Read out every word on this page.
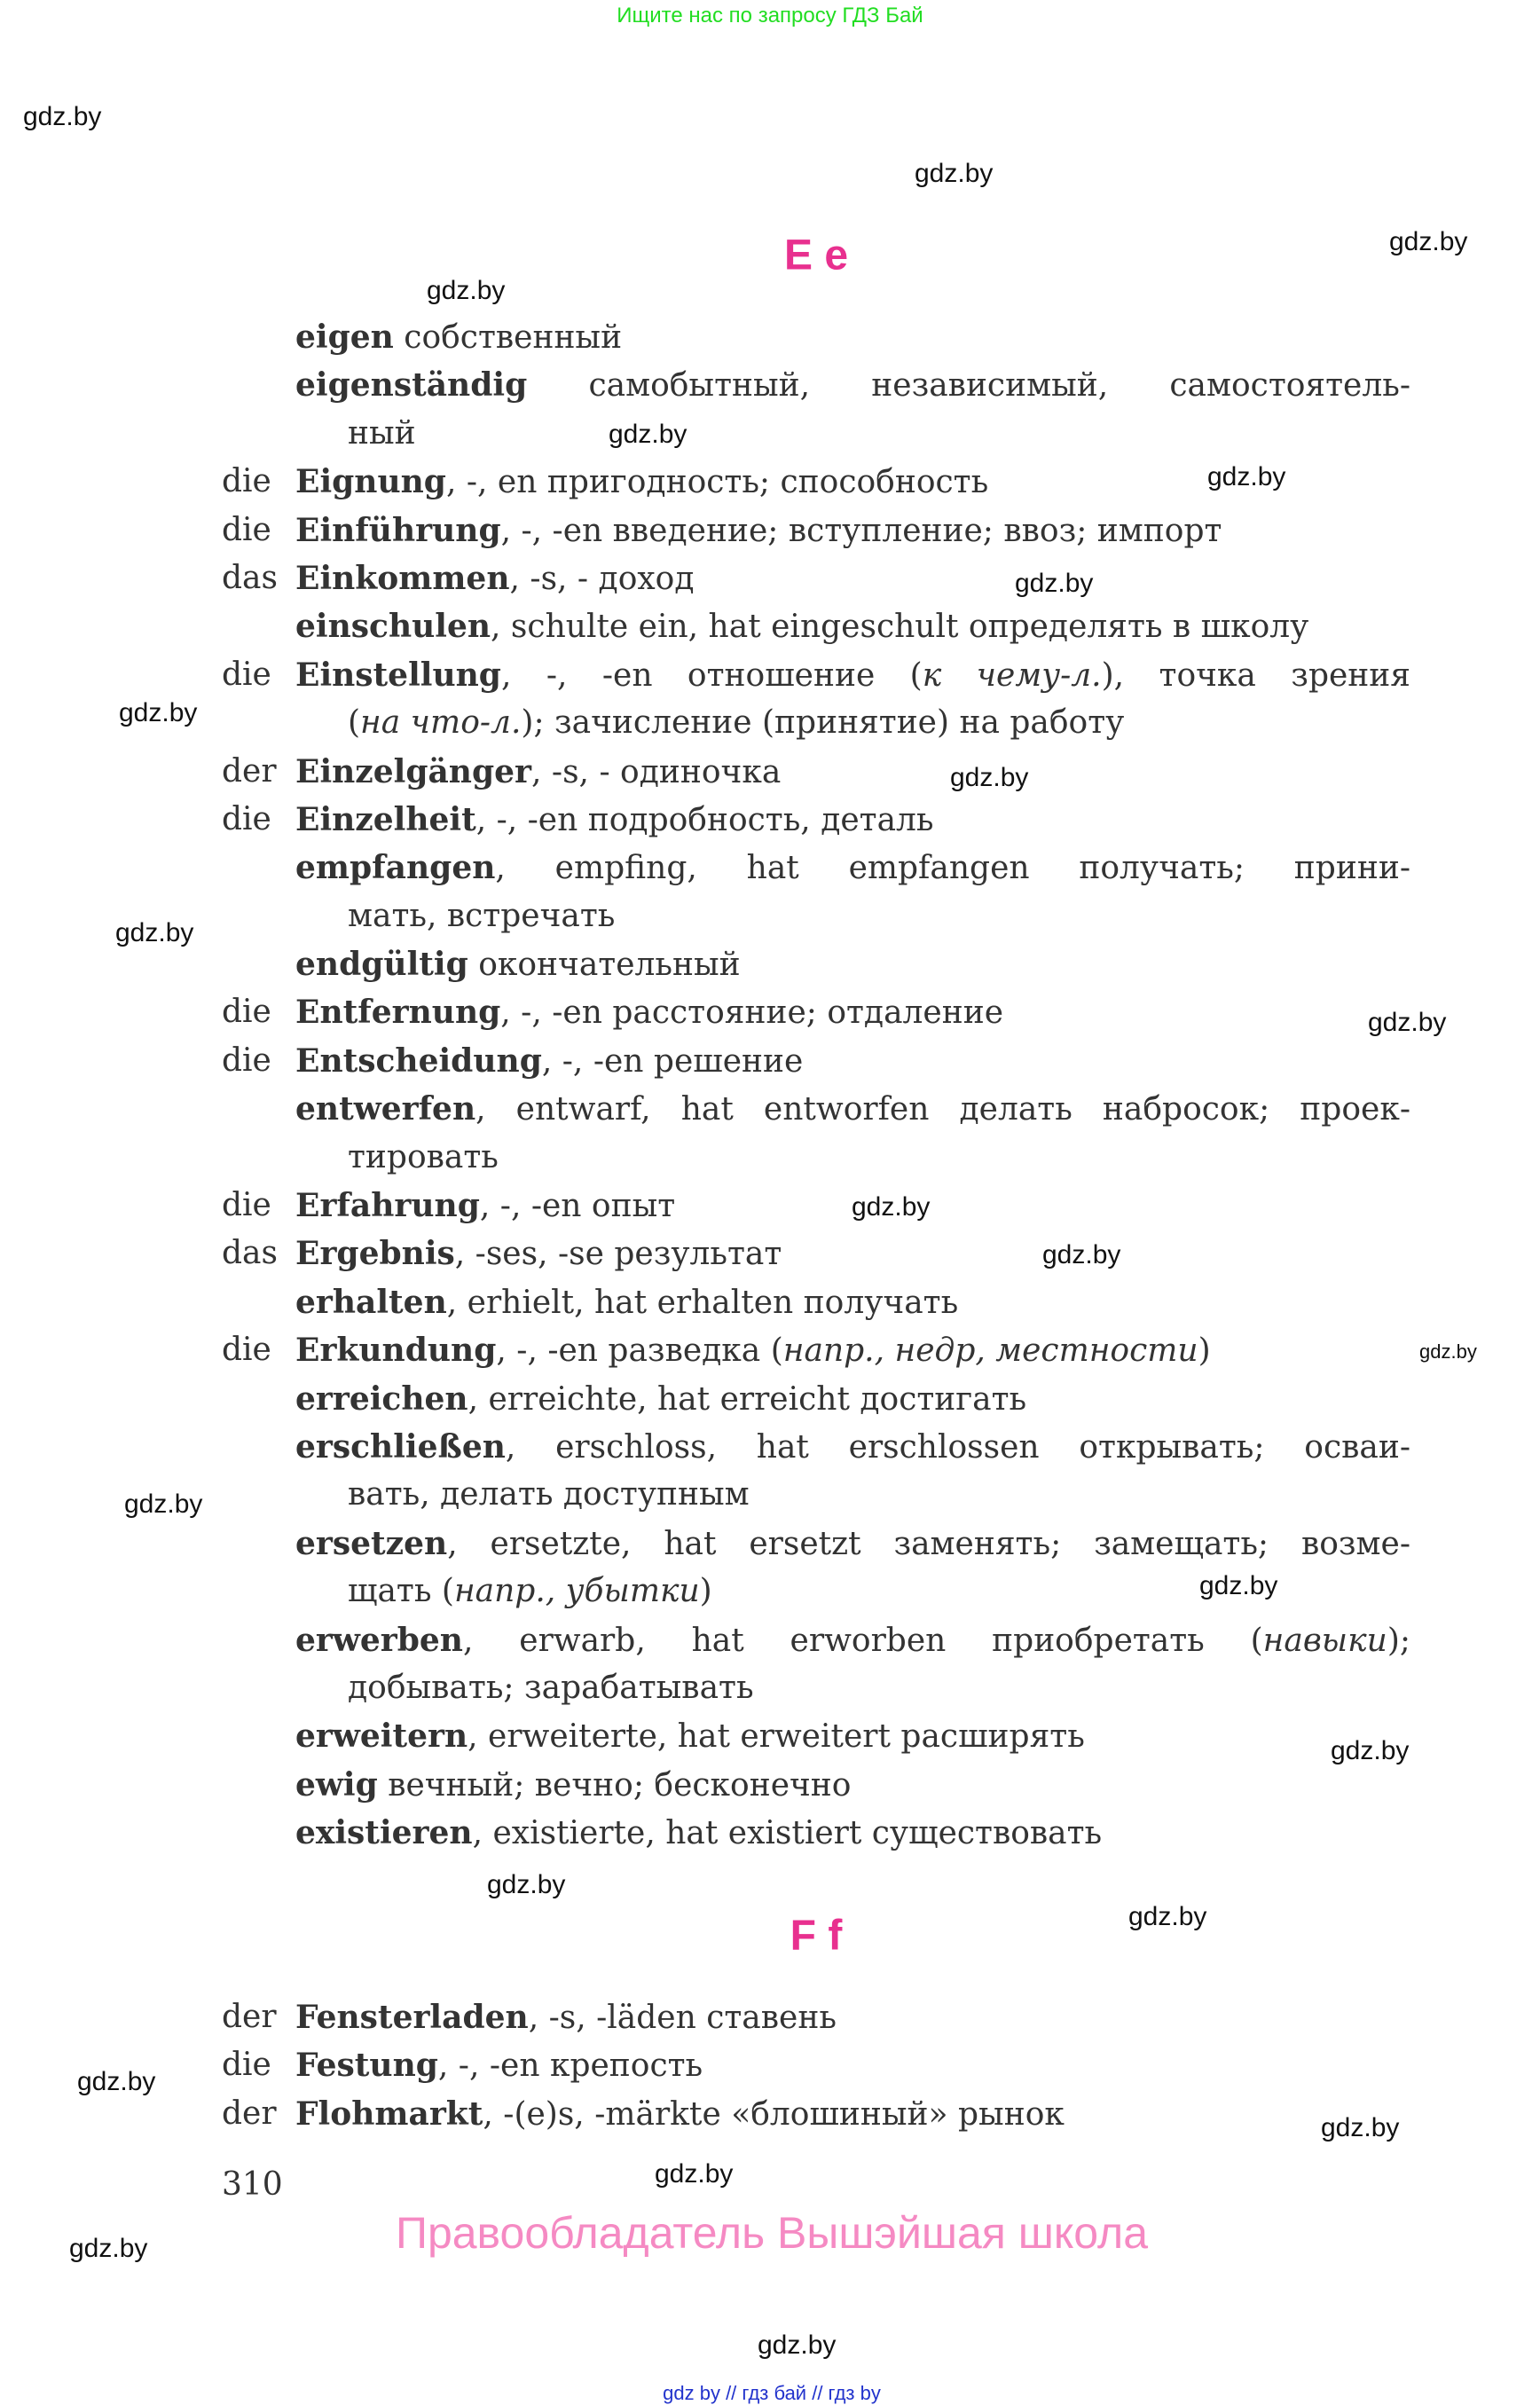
Ищите нас по запросу ГДЗ Бай
E e
eigen собственный
eigenständig самобытный, независимый, самостоятель-
ный
die Eignung, -, en пригодность; способность
die Einführung, -, -en введение; вступление; ввоз; импорт
das Einkommen, -s, - доход
einschulen, schulte ein, hat eingeschult определять в школу
die Einstellung, -, -en отношение (к чему-л.), точка зрения
(на что-л.); зачисление (принятие) на работу
der Einzelgänger, -s, - одиночка
die Einzelheit, -, -en подробность, деталь
empfangen, empfing, hat empfangen получать; прини-
мать, встречать
endgültig окончательный
die Entfernung, -, -en расстояние; отдаление
die Entscheidung, -, -en решение
entwerfen, entwarf, hat entworfen делать набросок; проек-
тировать
die Erfahrung, -, -en опыт
das Ergebnis, -ses, -se результат
erhalten, erhielt, hat erhalten получать
die Erkundung, -, -en разведка (напр., недр, местности)
erreichen, erreichte, hat erreicht достигать
erschließen, erschloss, hat erschlossen открывать; осваи-
вать, делать доступным
ersetzen, ersetzte, hat ersetzt заменять; замещать; возме-
щать (напр., убытки)
erwerben, erwarb, hat erworben приобретать (навыки);
добывать; зарабатывать
erweitern, erweiterte, hat erweitert расширять
ewig вечный; вечно; бесконечно
existieren, existierte, hat existiert существовать
F f
der Fensterladen, -s, -läden ставень
die Festung, -, -en крепость
der Flohmarkt, -(e)s, -märkte «блошиный» рынок
310
Правообладатель Вышэйшая школа
gdz by // гдз бай // гдз by
gdz.by
gdz.by
gdz.by
gdz.by
gdz.by
gdz.by
gdz.by
gdz.by
gdz.by
gdz.by
gdz.by
gdz.by
gdz.by
gdz.by
gdz.by
gdz.by
gdz.by
gdz.by
gdz.by
gdz.by
gdz.by
gdz.by
gdz.by
gdz.by
